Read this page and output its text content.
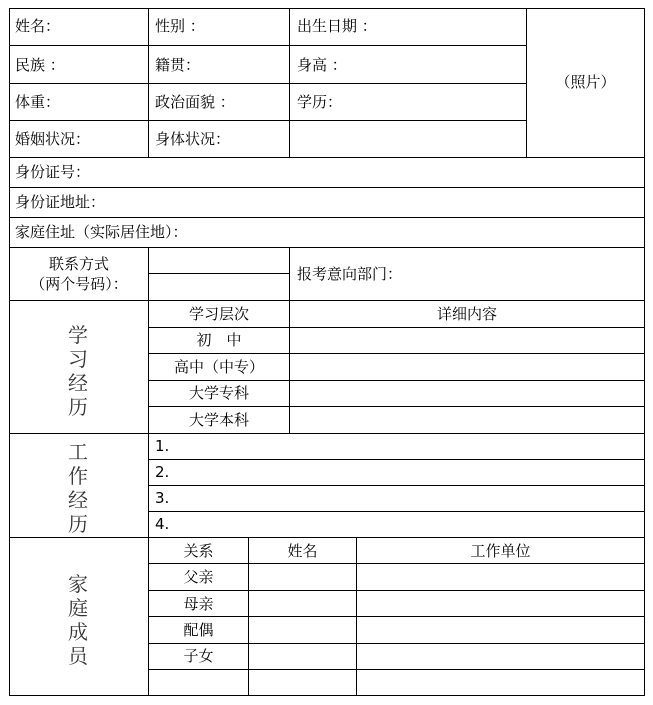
姓名：	性别 ：	出生日期 ：
民族 ：	籍贯：	身高 ：
体重：	政治面貌 ：	学历：
婚姻状况：	身体状况：
（照片）
身份证号：
身份证地址：
家庭住址（实际居住地）：
联系方式
（两个号码）：
报考意向部门：
学
习
经
历
学习层次	详细内容
初　中
高中（中专）
大学专科
大学本科
工
作
经
历
1.
2.
3.
4.
家
庭
成
员
关系	姓名	工作单位
父亲
母亲
配偶
子女
